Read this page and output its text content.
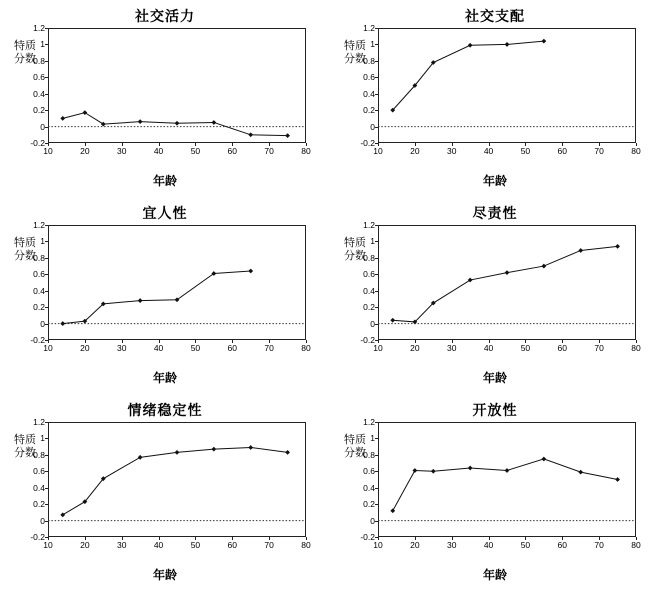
社交活力
特质
分数
-0.2
0
0.2
0.4
0.6
0.8
1
1.2
10	20	30	40	50	60	70	80
年龄
社交支配
特质
分数
-0.2
0
0.2
0.4
0.6
0.8
1
1.2
10	20	30	40	50	60	70	80
年龄
宜人性
特质
分数
-0.2
0
0.2
0.4
0.6
0.8
1
1.2
10	20	30	40	50	60	70	80
年龄
尽责性
特质
分数
-0.2
0
0.2
0.4
0.6
0.8
1
1.2
10	20	30	40	50	60	70	80
年龄
情绪稳定性
特质
分数
-0.2
0
0.2
0.4
0.6
0.8
1
1.2
10	20	30	40	50	60	70	80
年龄
开放性
特质
分数
-0.2
0
0.2
0.4
0.6
0.8
1
1.2
10	20	30	40	50	60	70	80
年龄
